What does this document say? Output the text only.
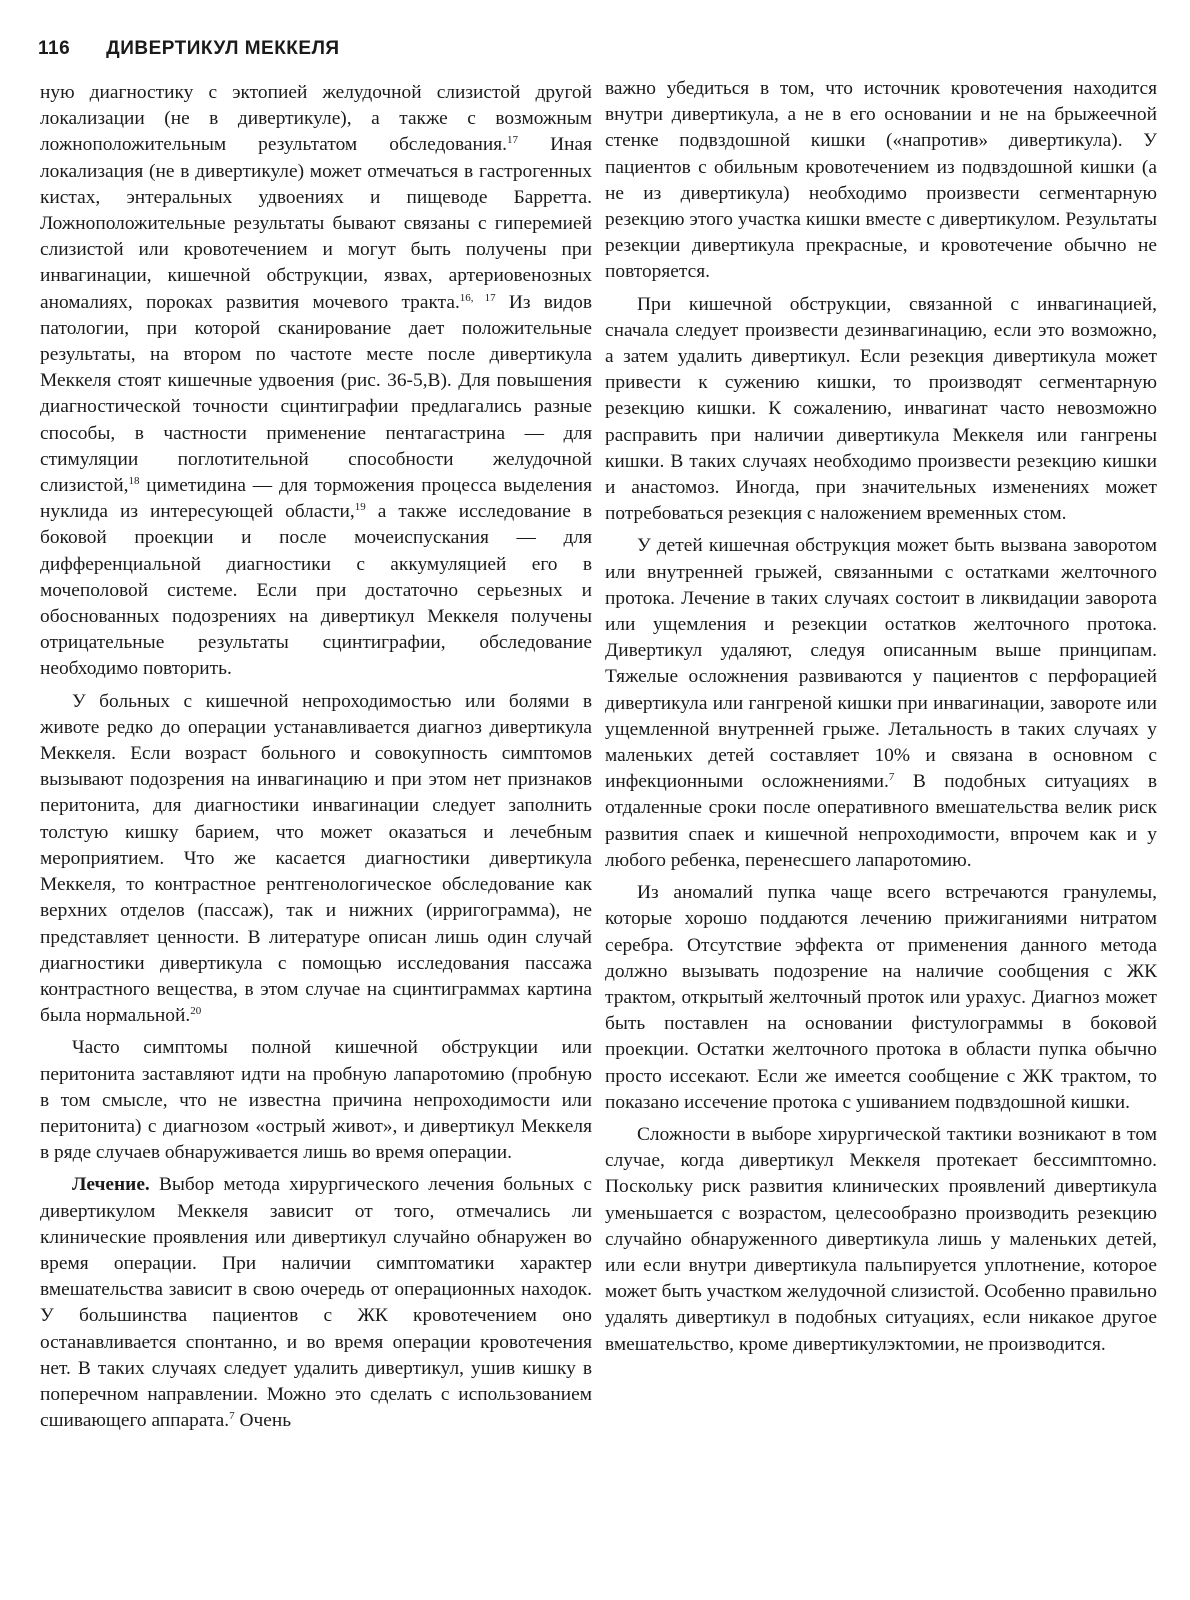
116 ДИВЕРТИКУЛ МЕККЕЛЯ

ную диагностику с эктопией желудочной слизистой другой локализации (не в дивертикуле), а также с возможным ложноположительным результатом обследования.$^{17}$ Иная локализация (не в дивертикуле) может отмечаться в гастрогенных кистах, энтеральных удвоениях и пищеводе Барретта. Ложноположительные результаты бывают связаны с гиперемией слизистой или кровотечением и могут быть получены при инвагинации, кишечной обструкции, язвах, артериовенозных аномалиях, пороках развития мочевого тракта.$^{16, 17}$ Из видов патологии, при которой сканирование дает положительные результаты, на втором по частоте месте после дивертикула Меккеля стоят кишечные удвоения (рис. 36-5,В). Для повышения диагностической точности сцинтиграфии предлагались разные способы, в частности применение пентагастрина — для стимуляции поглотительной способности желудочной слизистой,$^{18}$ циметидина — для торможения процесса выделения нуклида из интересующей области,$^{19}$ а также исследование в боковой проекции и после мочеиспускания — для дифференциальной диагностики с аккумуляцией его в мочеполовой системе. Если при достаточно серьезных и обоснованных подозрениях на дивертикул Меккеля получены отрицательные результаты сцинтиграфии, обследование необходимо повторить.

У больных с кишечной непроходимостью или болями в животе редко до операции устанавливается диагноз дивертикула Меккеля. Если возраст больного и совокупность симптомов вызывают подозрения на инвагинацию и при этом нет признаков перитонита, для диагностики инвагинации следует заполнить толстую кишку барием, что может оказаться и лечебным мероприятием. Что же касается диагностики дивертикула Меккеля, то контрастное рентгенологическое обследование как верхних отделов (пассаж), так и нижних (ирригограмма), не представляет ценности. В литературе описан лишь один случай диагностики дивертикула с помощью исследования пассажа контрастного вещества, в этом случае на сцинтиграммах картина была нормальной.$^{20}$

Часто симптомы полной кишечной обструкции или перитонита заставляют идти на пробную лапаротомию (пробную в том смысле, что не известна причина непроходимости или перитонита) с диагнозом «острый живот», и дивертикул Меккеля в ряде случаев обнаруживается лишь во время операции.

Лечение. Выбор метода хирургического лечения больных с дивертикулом Меккеля зависит от того, отмечались ли клинические проявления или дивертикул случайно обнаружен во время операции. При наличии симптоматики характер вмешательства зависит в свою очередь от операционных находок. У большинства пациентов с ЖК кровотечением оно останавливается спонтанно, и во время операции кровотечения нет. В таких случаях следует удалить дивертикул, ушив кишку в поперечном направлении. Можно это сделать с использованием сшивающего аппарата.$^7$ Очень

важно убедиться в том, что источник кровотечения находится внутри дивертикула, а не в его основании и не на брыжеечной стенке подвздошной кишки («напротив» дивертикула). У пациентов с обильным кровотечением из подвздошной кишки (а не из дивертикула) необходимо произвести сегментарную резекцию этого участка кишки вместе с дивертикулом. Результаты резекции дивертикула прекрасные, и кровотечение обычно не повторяется.

При кишечной обструкции, связанной с инвагинацией, сначала следует произвести дезинвагинацию, если это возможно, а затем удалить дивертикул. Если резекция дивертикула может привести к сужению кишки, то производят сегментарную резекцию кишки. К сожалению, инвагинат часто невозможно расправить при наличии дивертикула Меккеля или гангрены кишки. В таких случаях необходимо произвести резекцию кишки и анастомоз. Иногда, при значительных изменениях может потребоваться резекция с наложением временных стом.

У детей кишечная обструкция может быть вызвана заворотом или внутренней грыжей, связанными с остатками желточного протока. Лечение в таких случаях состоит в ликвидации заворота или ущемления и резекции остатков желточного протока. Дивертикул удаляют, следуя описанным выше принципам. Тяжелые осложнения развиваются у пациентов с перфорацией дивертикула или гангреной кишки при инвагинации, завороте или ущемленной внутренней грыже. Летальность в таких случаях у маленьких детей составляет 10% и связана в основном с инфекционными осложнениями.$^7$ В подобных ситуациях в отдаленные сроки после оперативного вмешательства велик риск развития спаек и кишечной непроходимости, впрочем как и у любого ребенка, перенесшего лапаротомию.

Из аномалий пупка чаще всего встречаются гранулемы, которые хорошо поддаются лечению прижиганиями нитратом серебра. Отсутствие эффекта от применения данного метода должно вызывать подозрение на наличие сообщения с ЖК трактом, открытый желточный проток или урахус. Диагноз может быть поставлен на основании фистулограммы в боковой проекции. Остатки желточного протока в области пупка обычно просто иссекают. Если же имеется сообщение с ЖК трактом, то показано иссечение протока с ушиванием подвздошной кишки.

Сложности в выборе хирургической тактики возникают в том случае, когда дивертикул Меккеля протекает бессимптомно. Поскольку риск развития клинических проявлений дивертикула уменьшается с возрастом, целесообразно производить резекцию случайно обнаруженного дивертикула лишь у маленьких детей, или если внутри дивертикула пальпируется уплотнение, которое может быть участком желудочной слизистой. Особенно правильно удалять дивертикул в подобных ситуациях, если никакое другое вмешательство, кроме дивертикулэктомии, не производится.
